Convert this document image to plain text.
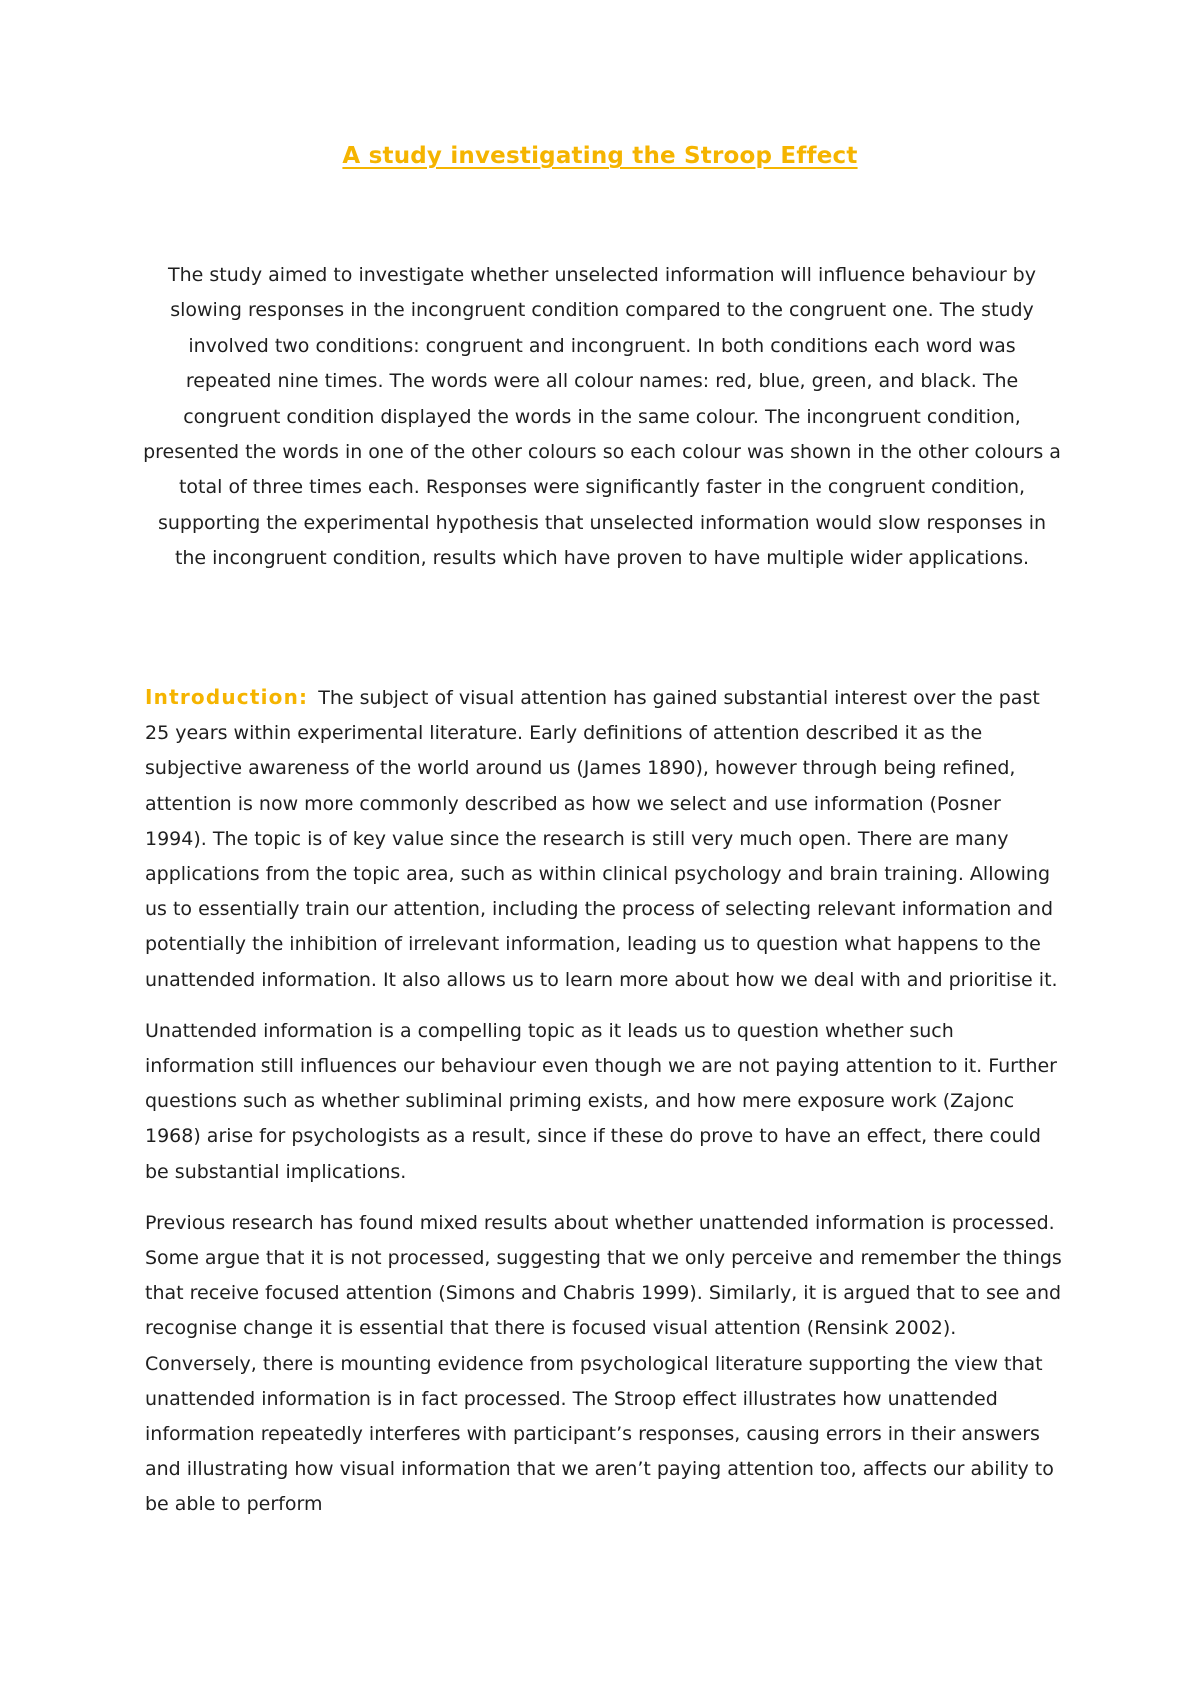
A study investigating the Stroop Effect

The study aimed to investigate whether unselected information will influence behaviour by slowing responses in the incongruent condition compared to the congruent one. The study involved two conditions: congruent and incongruent. In both conditions each word was repeated nine times. The words were all colour names: red, blue, green, and black. The congruent condition displayed the words in the same colour. The incongruent condition, presented the words in one of the other colours so each colour was shown in the other colours a total of three times each. Responses were significantly faster in the congruent condition, supporting the experimental hypothesis that unselected information would slow responses in the incongruent condition, results which have proven to have multiple wider applications.

Introduction: The subject of visual attention has gained substantial interest over the past 25 years within experimental literature. Early definitions of attention described it as the subjective awareness of the world around us (James 1890), however through being refined, attention is now more commonly described as how we select and use information (Posner 1994). The topic is of key value since the research is still very much open. There are many applications from the topic area, such as within clinical psychology and brain training. Allowing us to essentially train our attention, including the process of selecting relevant information and potentially the inhibition of irrelevant information, leading us to question what happens to the unattended information. It also allows us to learn more about how we deal with and prioritise it.

Unattended information is a compelling topic as it leads us to question whether such information still influences our behaviour even though we are not paying attention to it. Further questions such as whether subliminal priming exists, and how mere exposure work (Zajonc 1968) arise for psychologists as a result, since if these do prove to have an effect, there could be substantial implications.

Previous research has found mixed results about whether unattended information is processed. Some argue that it is not processed, suggesting that we only perceive and remember the things that receive focused attention (Simons and Chabris 1999). Similarly, it is argued that to see and recognise change it is essential that there is focused visual attention (Rensink 2002). Conversely, there is mounting evidence from psychological literature supporting the view that unattended information is in fact processed. The Stroop effect illustrates how unattended information repeatedly interferes with participant’s responses, causing errors in their answers and illustrating how visual information that we aren’t paying attention too, affects our ability to be able to perform
